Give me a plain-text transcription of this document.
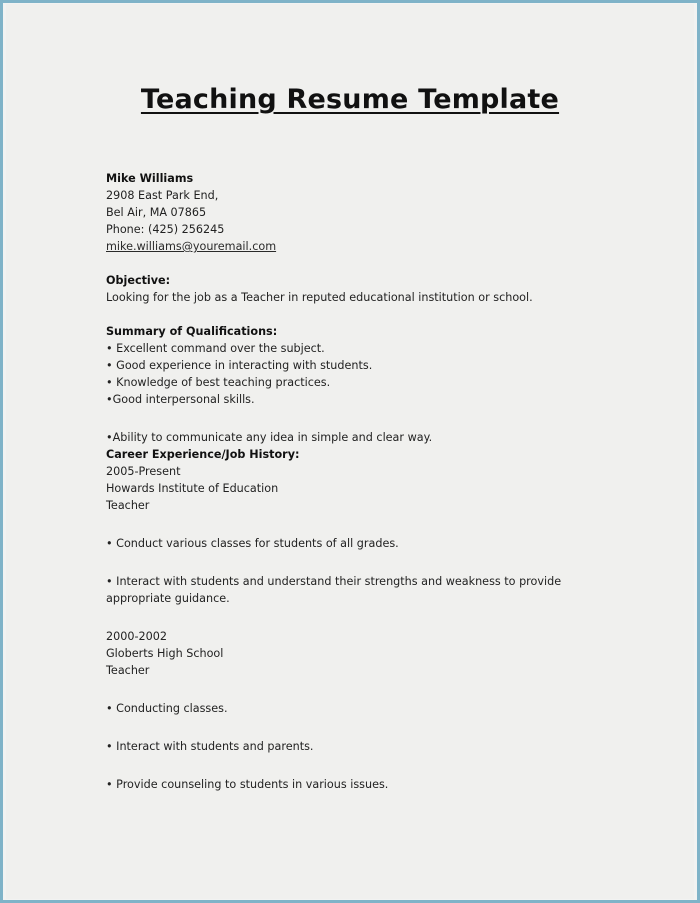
Teaching Resume Template
Mike Williams
2908 East Park End,
Bel Air, MA 07865
Phone: (425) 256245
mike.williams@youremail.com
Objective:
Looking for the job as a Teacher in reputed educational institution or school.
Summary of Qualifications:
• Excellent command over the subject.
• Good experience in interacting with students.
• Knowledge of best teaching practices.
•Good interpersonal skills.
•Ability to communicate any idea in simple and clear way.
Career Experience/Job History:
2005-Present
Howards Institute of Education
Teacher
• Conduct various classes for students of all grades.
• Interact with students and understand their strengths and weakness to provide
appropriate guidance.
2000-2002
Globerts High School
Teacher
• Conducting classes.
• Interact with students and parents.
• Provide counseling to students in various issues.
